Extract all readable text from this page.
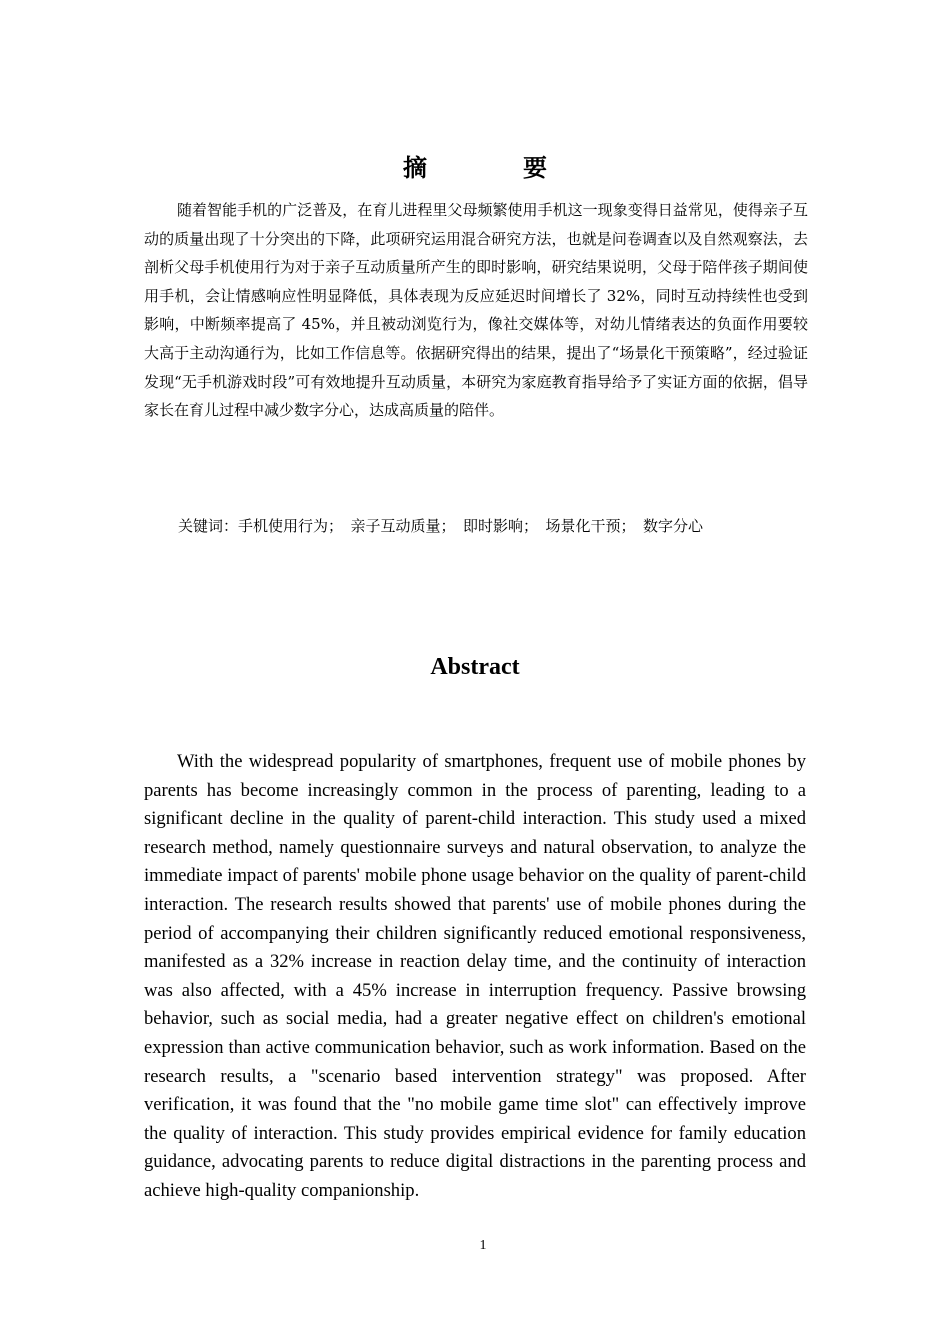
摘　要

随着智能手机的广泛普及，在育儿进程里父母频繁使用手机这一现象变得日益常见，使得亲子互动的质量出现了十分突出的下降，此项研究运用混合研究方法，也就是问卷调查以及自然观察法，去剖析父母手机使用行为对于亲子互动质量所产生的即时影响，研究结果说明，父母于陪伴孩子期间使用手机，会让情感响应性明显降低，具体表现为反应延迟时间增长了 32%，同时互动持续性也受到影响，中断频率提高了 45%，并且被动浏览行为，像社交媒体等，对幼儿情绪表达的负面作用要较大高于主动沟通行为，比如工作信息等。依据研究得出的结果，提出了“场景化干预策略”，经过验证发现“无手机游戏时段”可有效地提升互动质量，本研究为家庭教育指导给予了实证方面的依据，倡导家长在育儿过程中减少数字分心，达成高质量的陪伴。

关键词：手机使用行为；　亲子互动质量；　即时影响；　场景化干预；　数字分心

Abstract

With the widespread popularity of smartphones, frequent use of mobile phones by parents has become increasingly common in the process of parenting, leading to a significant decline in the quality of parent-child interaction. This study used a mixed research method, namely questionnaire surveys and natural observation, to analyze the immediate impact of parents' mobile phone usage behavior on the quality of parent-child interaction. The research results showed that parents' use of mobile phones during the period of accompanying their children significantly reduced emotional responsiveness, manifested as a 32% increase in reaction delay time, and the continuity of interaction was also affected, with a 45% increase in interruption frequency. Passive browsing behavior, such as social media, had a greater negative effect on children's emotional expression than active communication behavior, such as work information. Based on the research results, a "scenario based intervention strategy" was proposed. After verification, it was found that the "no mobile game time slot" can effectively improve the quality of interaction. This study provides empirical evidence for family education guidance, advocating parents to reduce digital distractions in the parenting process and achieve high-quality companionship.

1
